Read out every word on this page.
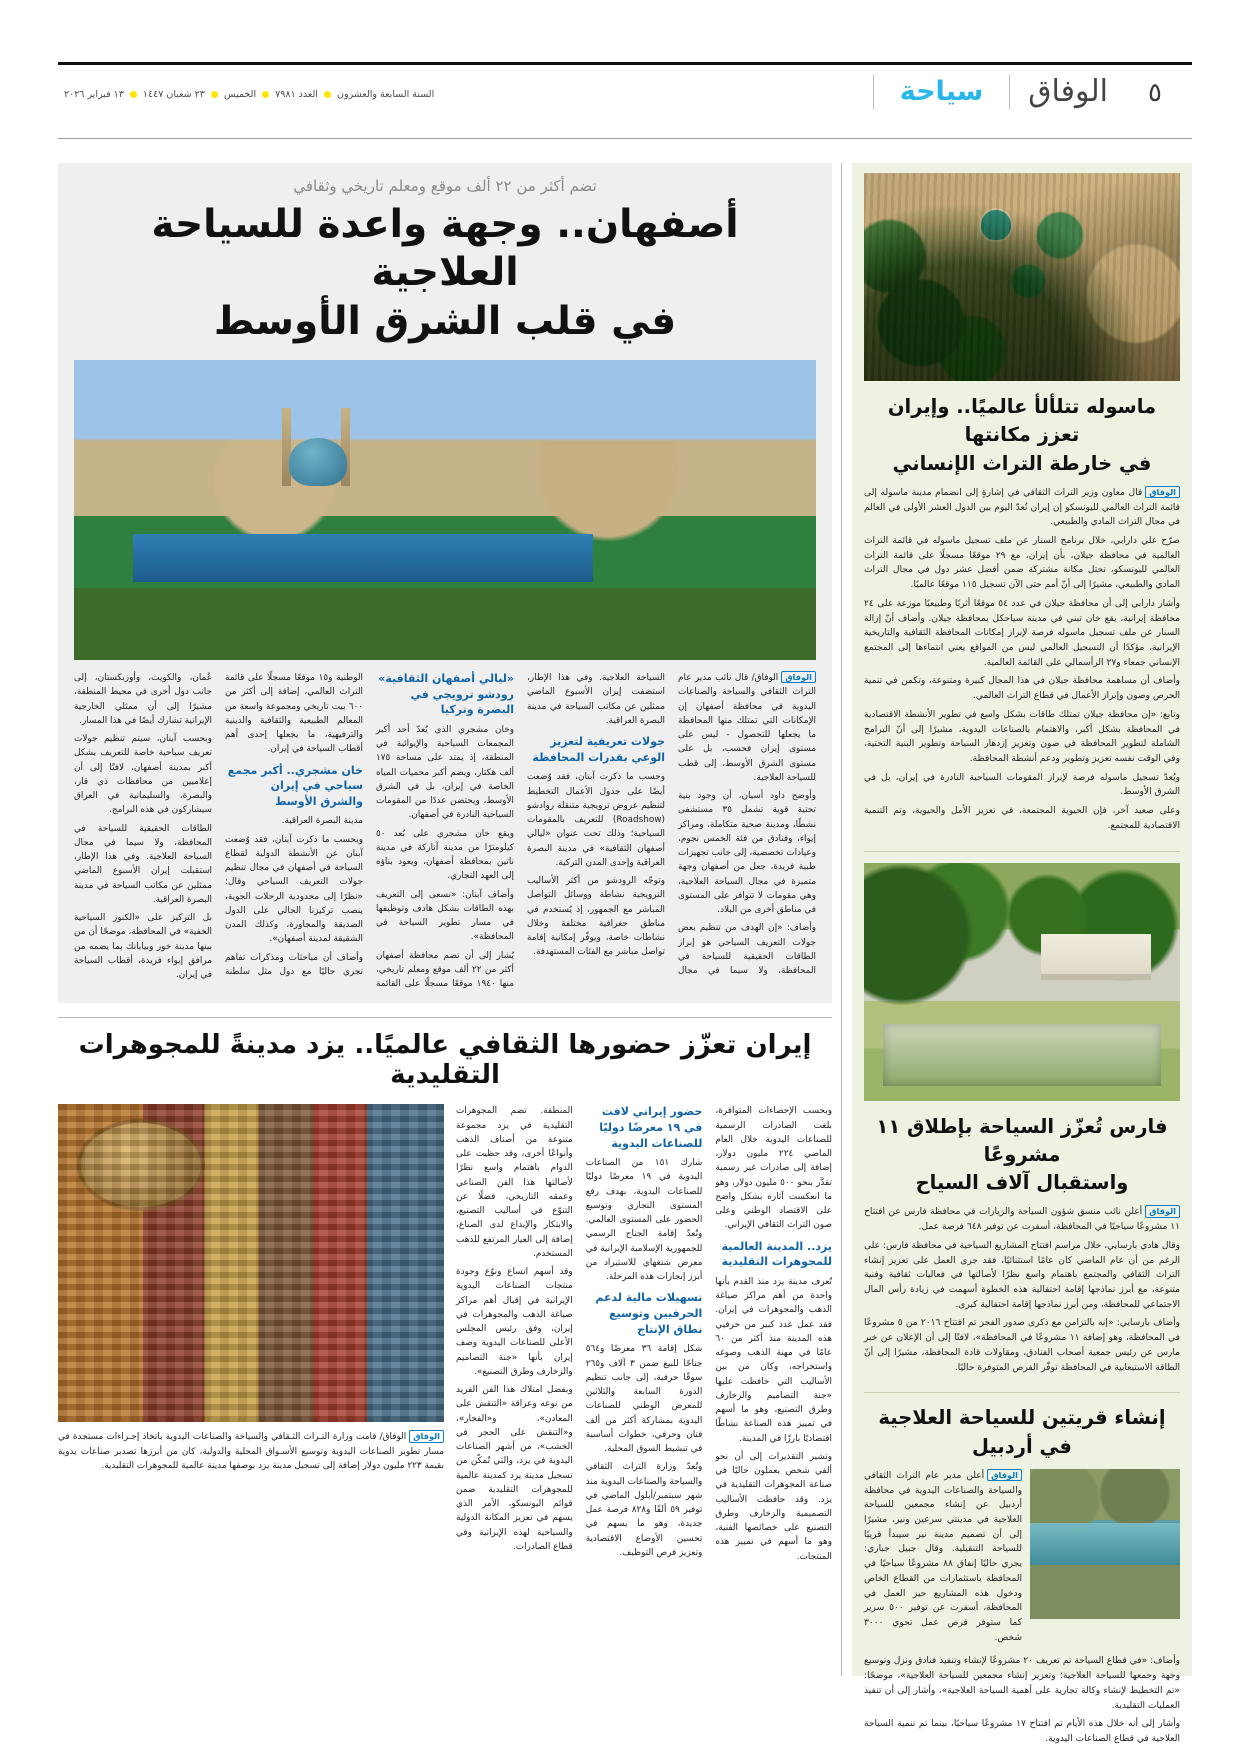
٥
الوفاق
سياحة
السنة السابعة والعشرون  العدد ٧٩٨١  الخميس  ٢٣ شعبان ١٤٤٧  ١٣ فبراير ٢٠٢٦
ماسوله تتلألأ عالميًا.. وإيران تعزز مكانتها
في خارطة التراث الإنساني

الوفاققال معاون وزير التراث الثقافي في إشارةٍ إلى انضمام مدينة ماسوله إلى قائمة التراث العالمي لليونسكو إن إيران تُعدّ اليوم بين الدول العشر الأولى في العالم في مجال التراث المادي والطبيعي.

صرّح علي دارابي، خلال برنامج السنار عن ملف تسجيل ماسوله في قائمة التراث العالمية في محافظة جيلان، بأن إيران، مع ٢٩ موقعًا مسجلًا على قائمة التراث العالمي لليونسكو، تحتل مكانة مشتركة ضمن أفضل عشر دول في مجال التراث المادي والطبيعي، مشيرًا إلى أنّ أمم حتى الآن تسجيل ١١٥ موقعًا عالميًا.

وأشار دارابي إلى أن محافظة جيلان في عدد ٥٤ موقعًا أثريًا وطبيعيًا موزعة على ٢٤ محافظة إيرانية، يقع خان تبني في مدينة سياحكل بمحافظة جيلان. وأضاف أنّ إزالة السنار عن ملف تسجيل ماسوله فرصة لإبراز إمكانات المحافظة الثقافية والتاريخية الإيرانية، مؤكدًا أن التسجيل العالمي ليس من المواقع يعني انتماءها إلى المجتمع الإنساني جمعاء و٢٧ الرأسمالي على القائمة العالمية.

وأضاف أن مساهمة محافظة جيلان في هذا المجال كبيرة ومتنوعة، وتكمن في تنمية الحرص وصون وإبراز الأعمال في قطاع التراث العالمي.

وتابع: «إن محافظة جيلان تمتلك طاقات بشكل واسع في تطوير الأنشطة الاقتصادية في المحافظة بشكل أكبر، والاهتمام بالصناعات اليدوية، مشيرًا إلى أنّ البرامج الشاملة لتطوير المحافظة في صون وتعزيز إزدهار السياحة وتطوير البنية التحتية، وفي الوقت نفسه تعزيز وتطوير ودعم أنشطة المحافظة.

ويُعدّ تسجيل ماسوله فرصة لإبراز المقومات السياحية النادرة في إيران، بل في الشرق الأوسط.

وعلى صعيد آخر، فإن الحيوية المجتمعة، في تعزيز الأمل والحيوية، وتم التنمية الاقتصادية للمجتمع.

فارس تُعزّز السياحة بإطلاق ١١ مشروعًا
واستقبال آلاف السياح

الوفاقأعلن نائب منسق شؤون السياحة والزيارات في محافظة فارس عن افتتاح ١١ مشروعًا سياحيًا في المحافظة، أسفرت عن توفير ٦٤٨ فرصة عمل.

وقال هادي بارسايي، خلال مراسم افتتاح المشاريع السياحية في محافظة فارس: على الرغم من أن عام الماضي كان عامًا استثنائيًا، فقد جرى العمل على تعزيز إنشاء التراث الثقافي والمجتمع باهتمام واسع نظرًا لأصالتها في فعاليات ثقافية وفنية متنوعة، مع أبرز نماذجها إقامة احتفالية هذه الخطوة أسهمت في زيادة رأس المال الاجتماعي للمحافظة، ومن أبرز نماذجها إقامة احتفالية كبرى.

وأضاف بارسايي: «إنه بالتزامن مع ذكرى صدور الفجر تم افتتاح ٢٠١٦ من ٥ مشروعًا في المحافظة، وهو إضافة ١١ مشروعًا في المحافظة»، لافتًا إلى أن الإعلان عن خبر مارس عن رئيس جمعية أصحاب الفنادق، ومقاولات قادة المحافظة، مشيرًا إلى أنّ الطاقة الاستيعابية في المحافظة توفّر الفرص المتوفرة حاليًا.

إنشاء قريتين للسياحة العلاجية
في أردبيل

الوفاقأعلن مدير عام التراث الثقافي والسياحة والصناعات اليدوية في محافظة أردبيل عن إنشاء مجمعين للسياحة العلاجية في مدينتي سرعين ونير، مشيرًا إلى أن تصميم مدينة نير سيبدأ قريبًا للسياحة التنقيلية. وقال جبيل جباري: يجري حاليًا إنفاق ٨٨ مشروعًا سياحيًا في المحافظة باستثمارات من القطاع الخاص ودخول هذه المشاريع حيز العمل في المحافظة، أسفرت عن توفير ٥٠٠ سرير كما ستوفر فرص عمل تحوي ٣٠٠٠ شخص.

وأضاف: «في قطاع السياحة تم تعريف ٢٠ مشروعًا لإنشاء وتنفيذ فنادق ونزل وتوسيع وجهة وجمعها للسياحة العلاجية؛ وتعزيز إنشاء مجمعين للسياحة العلاجية»، موضحًا: «تم التخطيط لإنشاء وكالة تجارية على أهمية السياحة العلاجية»، وأشار إلى أن تنفيذ العمليات التقليدية.

وأشار إلى أنه خلال هذه الأيام تم افتتاح ١٧ مشروعًا سياحيًا، بينما تم تنمية السياحة العلاجية في قطاع الصناعات اليدوية.

تضم أكثر من ٢٢ ألف موقع ومعلم تاريخي وثقافي
أصفهان.. وجهة واعدة للسياحة العلاجية
في قلب الشرق الأوسط

الوفاقالوفاق/ قال نائب مدير عام التراث الثقافي والسياحة والصناعات اليدوية في محافظة أصفهان إن الإمكانات التي تمتلك منها المحافظة ما يجعلها للتحصول - ليس على مستوى إيران فحسب، بل على مستوى الشرق الأوسط، إلى قطب للسياحة العلاجية.

وأوضح داود أسيان، أن وجود بنية تحتية قوية تشمل ٣٥ مستشفى نشطًا، ومدينة صحية متكاملة، ومراكز إيواء، وفنادق من فئة الخمس نجوم، وعيادات تخصصية، إلى جانب تجهيزات طبية فريدة، جعل من أصفهان وجهة متميزة في مجال السياحة العلاجية، وهي مقومات لا تتوافر على المستوى في مناطق أخرى من البلاد.

وأضاف: «إن الهدف من تنظيم بعض جولات التعريف السياحي هو إبراز الطاقات الحقيقية للسياحة في المحافظة، ولا سيما في مجال السياحة العلاجية. وفي هذا الإطار، استضفت إيران الأسبوع الماضي ممثلين عن مكاتب السياحة في مدينة البصرة العراقية.

جولات تعريفية لتعزيز الوعي بقدرات المحافظة

وحسب ما ذكرت آبنان، فقد وُضعت أيضًا على جدول الأعمال التخطيط لتنظيم عروض ترويجية متنقلة روادشو (Roadshow) للتعريف بالمقومات السياحية؛ وذلك تحت عنوان «ليالي أصفهان الثقافية» في مدينة البصرة العراقية وإحدى المدن التركية.

وتوجّه الرودشو من أكثر الأساليب الترويجية نشاطة ووسائل التواصل المباشر مع الجمهور، إذ يُستخدم في مناطق جغرافية مختلفة وخلال نشاطات خاصة، ويوفّر إمكانية إقامة تواصل مباشر مع الفئات المستهدفة.

«ليالي أصفهان الثقافية» رودشو ترويجي في البصرة وتركيا

وخان مشجري الذي يُعدّ أحد أكبر المجمعات السياحية والإيوائية في المنطقة، إذ يمتد على مساحة ١٧٥ ألف هكتار، ويضم أكبر محميات المياه الخاصة في إيران، بل في الشرق الأوسط، ويحتضن عددًا من المقومات السياحية النادرة في أصفهان.

ويقع خان مشجري على بُعد ٥٠ كيلومترًا من مدينة آناركة في مدينة ناتين بمحافظة أصفهان، ويعود بناؤه إلى العهد التجاري.

وأضاف آبنان: «نسعى إلى التعريف بهذه الطاقات بشكل هادف وتوظيفها في مسار تطوير السياحة في المحافظة».

يُشار إلى أن تضم محافظة أصفهان أكثر من ٢٢ ألف موقع ومعلم تاريخي، منها ١٩٤٠ موقعًا مسجلًا على القائمة الوطنية و١٥ موقعًا مسجلًا على قائمة التراث العالمي، إضافة إلى أكثر من ٦٠٠ بيت تاريخي ومجموعة واسعة من المعالم الطبيعية والثقافية والدينية والترفيهية، ما يجعلها إحدى أهم أقطاب السياحة في إيران.

خان مشجري.. أكبر مجمع سياحي في إيران والشرق الأوسط

مدينة البصرة العراقية.

وبحسب ما ذكرت آبنان، فقد وُضعت آبنان عن الأنشطة الدولية لقطاع السياحة في أصفهان في مجال تنظيم جولات التعريف السياحي وقال: «نظرًا إلى محدودية الرحلات الجوية، ينصب تركيزنا الحالي على الدول الصديقة والمجاورة، وكذلك المدن الشقيقة لمدينة أصفهان».

وأضاف أن مباحثات ومذكرات تفاهم تجري حاليًا مع دول مثل سلطنة عُمان، والكويت، وأوزبكستان، إلى جانب دول أخرى في محيط المنطقة، مشيرًا إلى أن ممثلي الخارجية الإيرانية تشارك أيضًا في هذا المسار.

وبحسب آبنان، سيتم تنظيم جولات تعريف سياحية خاصة للتعريف بشكل أكبر بمدينة أصفهان، لافتًا إلى أن إعلاميين من محافظات ذي قار، والبصرة، والسليمانية في العراق سيشاركون في هذه البرامج.

الطاقات الحقيقية للسياحة في المحافظة، ولا سيما في مجال السياحة العلاجية. وفي هذا الإطار، استقبلت إيران الأسبوع الماضي ممثلين عن مكاتب السياحة في مدينة البصرة العراقية.

بل التركيز على «الكنوز السياحية الخفية» في المحافظة، موضحًا أن من بينها مدينة خور وبيابانك بما يضمه من مرافق إيواء فريدة، أقطاب السياحة في إيران.

إيران تعزّز حضورها الثقافي عالميًا.. يزد مدينةً للمجوهرات التقليدية

وبحسب الإحصاءات المتوافرة، بلغت الصادرات الرسمية للصناعات اليدوية خلال العام الماضي ٢٢٤ مليون دولار، إضافة إلى صادرات غير رسمية تقدَّر بنحو ٥٠٠ مليون دولار، وهو ما انعكست آثاره بشكل واضح على الاقتصاد الوطني وعلى صون التراث الثقافي الإيراني.

يزد.. المدينة العالمية للمجوهرات التقليدية

تُعرف مدينة يزد منذ القدم بأنها واحدة من أهم مراكز صياغة الذهب والمجوهرات في إيران. فقد عمل عدد كبير من حرفيي هذه المدينة منذ أكثر من ٦٠ عامًا في مهنة الذهب وصوغه واستخراجه، وكان من بين الأساليب التي حافظت عليها «جنة التصاميم والزخارف وطرق التصنيع، وهو ما أسهم في تمييز هذه الصناعة نشاطًا اقتصاديًا بارزًا في المدينة.

وتشير التقديرات إلى أن نحو ألفي شخص يعملون حاليًا في صناعة المجوهرات التقليدية في يزد. وقد حافظت الأساليب التصميمية والزخارف وطرق التصنيع على خصائصها الفنية، وهو ما أسهم في تمييز هذه المنتجات.

حضور إيراني لافت في ١٩ معرضًا دوليًا للصناعات اليدوية

شارك ١٥١ من الصناعات اليدوية في ١٩ معرضًا دوليًا للصناعات اليدوية، بهدف رفع المستوى التجاري وتوسيع الحضور على المستوى العالمي. وتُعدّ إقامة الجناح الرسمي للجمهورية الإسلامية الإيرانية في معرض شنغهاي للاستيراد من أبرز إنجازات هذه المرحلة.

تسهيلات مالية لدعم الحرفيين وتوسيع نطاق الإنتاج

شكل إقامة ٣٦ معرضًا و٥٦٤ جناحًا للبيع ضمن ٣ آلاف و٢٦٥ سوقًا حرفية، إلى جانب تنظيم الدورة السابعة والثلاثين للمعرض الوطني للصناعات اليدوية بمشاركة أكثر من ألف فنان وحرفي، خطوات أساسية في تنشيط السوق المحلية.

وتُعدّ وزارة التراث الثقافي والسياحة والصناعات اليدوية منذ شهر سبتمبر/أيلول الماضي في توفير ٥٩ ألفًا و٨٢٨ فرصة عمل جديدة، وهو ما يسهم في تحسين الأوضاع الاقتصادية وتعزيز فرص التوظيف.

المنطقة. تضم المجوهرات التقليدية في يزد مجموعة متنوعة من أصناف الذهب وأنواعًا أخرى، وقد حظيت على الدوام باهتمام واسع نظرًا لأصالتها هذا الفن الصناعي وعمقه التاريخي، فضلًا عن التنوّع في أساليب التصنيع، والابتكار والإبداع لدى الصناع، إضافة إلى العيار المرتفع للذهب المستخدم.

وقد أسهم اتساع ونوّع وجودة منتجات الصناعات اليدوية الإيرانية في إقبال أهم مراكز صياغة الذهب والمجوهرات في إيران، وفق رئيس المجلس الأعلى للصناعات اليدوية وصف إيران بأنها «جنة التصاميم والزخارف وطرق التصنيع».

وبفضل امتلاك هذا الفن الفريد من نوعه وعراقة «التنقش على المعادن»، و«الفخار»، و«التنقش على الحجر في الخشب»، من أشهر الصناعات اليدوية في يزد، والتي تُمكّن من تسجيل مدينة يزد كمدينة عالمية للمجوهرات التقليدية ضمن قوائم اليونسكو، الأمر الذي يسهم في تعزيز المكانة الدولية والسياحية لهذه الإيرانية وفي قطاع الصادرات.

الوفاقالوفاق/ قامت وزارة التـراث الثـقافي والسياحة والصناعات اليدوية باتخاذ إجـراءات مستجدة في مسار تطوير الصناعات اليدوية وتوسيع الأسـواق المحلية والدولية، كان من أبرزها تصدير صناعات يدوية بقيمة ٢٢٣ مليون دولار إضافة إلى تسجيل مدينة يزد بوصفها مدينة عالمية للمجوهرات التقليدية.
